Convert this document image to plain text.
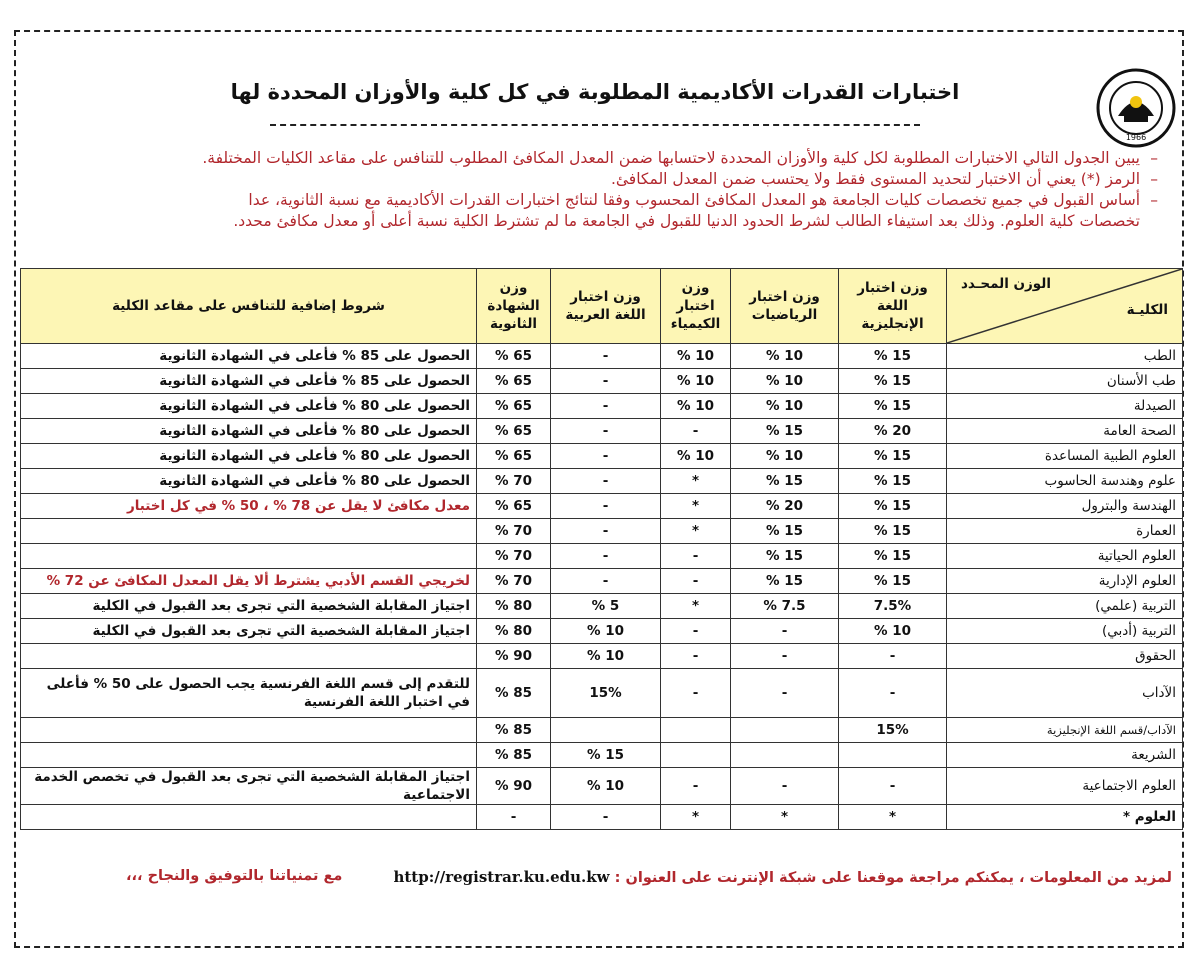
1966
اختبارات القدرات الأكاديمية المطلوبة في كل كلية والأوزان المحددة لها
– يبين الجدول التالي الاختبارات المطلوبة لكل كلية والأوزان المحددة لاحتسابها ضمن المعدل المكافئ المطلوب للتنافس على مقاعد الكليات المختلفة.
– الرمز (*) يعني أن الاختبار لتحديد المستوى فقط ولا يحتسب ضمن المعدل المكافئ.
– أساس القبول في جميع تخصصات كليات الجامعة هو المعدل المكافئ المحسوب وفقا لنتائج اختبارات القدرات الأكاديمية مع نسبة الثانوية، عدا
تخصصات كلية العلوم. وذلك بعد استيفاء الطالب لشرط الحدود الدنيا للقبول في الجامعة ما لم تشترط الكلية نسبة أعلى أو معدل مكافئ محدد.
الوزن المحـدد
الكليـة	وزن اختبار اللغة الإنجليزية	وزن اختبار الرياضيات	وزن اختبار الكيمياء	وزن اختبار اللغة العربية	وزن الشهادة الثانوية	شروط إضافية للتنافس على مقاعد الكلية
الطب	15 %	10 %	10 %	-	65 %	الحصول على 85 % فأعلى في الشهادة الثانوية
طب الأسنان	15 %	10 %	10 %	-	65 %	الحصول على 85 % فأعلى في الشهادة الثانوية
الصيدلة	15 %	10 %	10 %	-	65 %	الحصول على 80 % فأعلى في الشهادة الثانوية
الصحة العامة	20 %	15 %	-	-	65 %	الحصول على 80 % فأعلى في الشهادة الثانوية
العلوم الطبية المساعدة	15 %	10 %	10 %	-	65 %	الحصول على 80 % فأعلى في الشهادة الثانوية
علوم وهندسة الحاسوب	15 %	15 %	*	-	70 %	الحصول على 80 % فأعلى في الشهادة الثانوية
الهندسة والبترول	15 %	20 %	*	-	65 %	معدل مكافئ لا يقل عن 78 % ، 50 % في كل اختبار
العمارة	15 %	15 %	*	-	70 %	
العلوم الحياتية	15 %	15 %	-	-	70 %	
العلوم الإدارية	15 %	15 %	-	-	70 %	لخريجي القسم الأدبي يشترط ألا يقل المعدل المكافئ عن 72 %
التربية (علمي)	7.5%	7.5 %	*	5 %	80 %	اجتياز المقابلة الشخصية التي تجرى بعد القبول في الكلية
التربية (أدبي)	10 %	-	-	10 %	80 %	اجتياز المقابلة الشخصية التي تجرى بعد القبول في الكلية
الحقوق	-	-	-	10 %	90 %	
الآداب	-	-	-	15%	85 %	للتقدم إلى قسم اللغة الفرنسية يجب الحصول على 50 % فأعلى في اختبار اللغة الفرنسية
الآداب/قسم اللغة الإنجليزية	15%				85 %	
الشريعة				15 %	85 %	
العلوم الاجتماعية	-	-	-	10 %	90 %	اجتياز المقابلة الشخصية التي تجرى بعد القبول في تخصص الخدمة الاجتماعية
العلوم *	*	*	*	-	-	
لمزيد من المعلومات ، يمكنكم مراجعة موقعنا على شبكة الإنترنت على العنوان : http://registrar.ku.edu.kw
مع تمنياتنا بالتوفيق والنجاح ،،،
